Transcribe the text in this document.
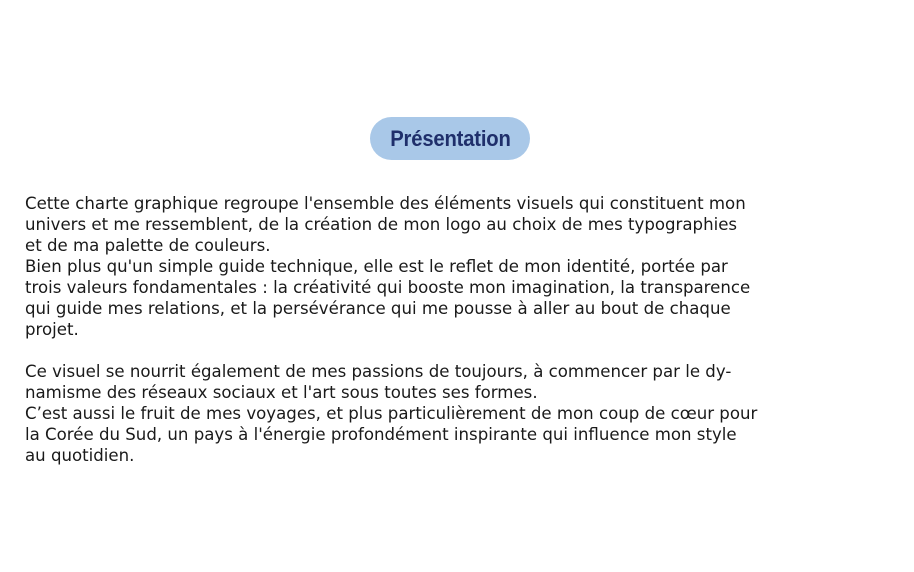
Présentation
Cette charte graphique regroupe l'ensemble des éléments visuels qui constituent mon
univers et me ressemblent, de la création de mon logo au choix de mes typographies
et de ma palette de couleurs.
Bien plus qu'un simple guide technique, elle est le reflet de mon identité, portée par
trois valeurs fondamentales : la créativité qui booste mon imagination, la transparence
qui guide mes relations, et la persévérance qui me pousse à aller au bout de chaque
projet.
Ce visuel se nourrit également de mes passions de toujours, à commencer par le dy-
namisme des réseaux sociaux et l'art sous toutes ses formes.
C’est aussi le fruit de mes voyages, et plus particulièrement de mon coup de cœur pour
la Corée du Sud, un pays à l'énergie profondément inspirante qui influence mon style
au quotidien.
